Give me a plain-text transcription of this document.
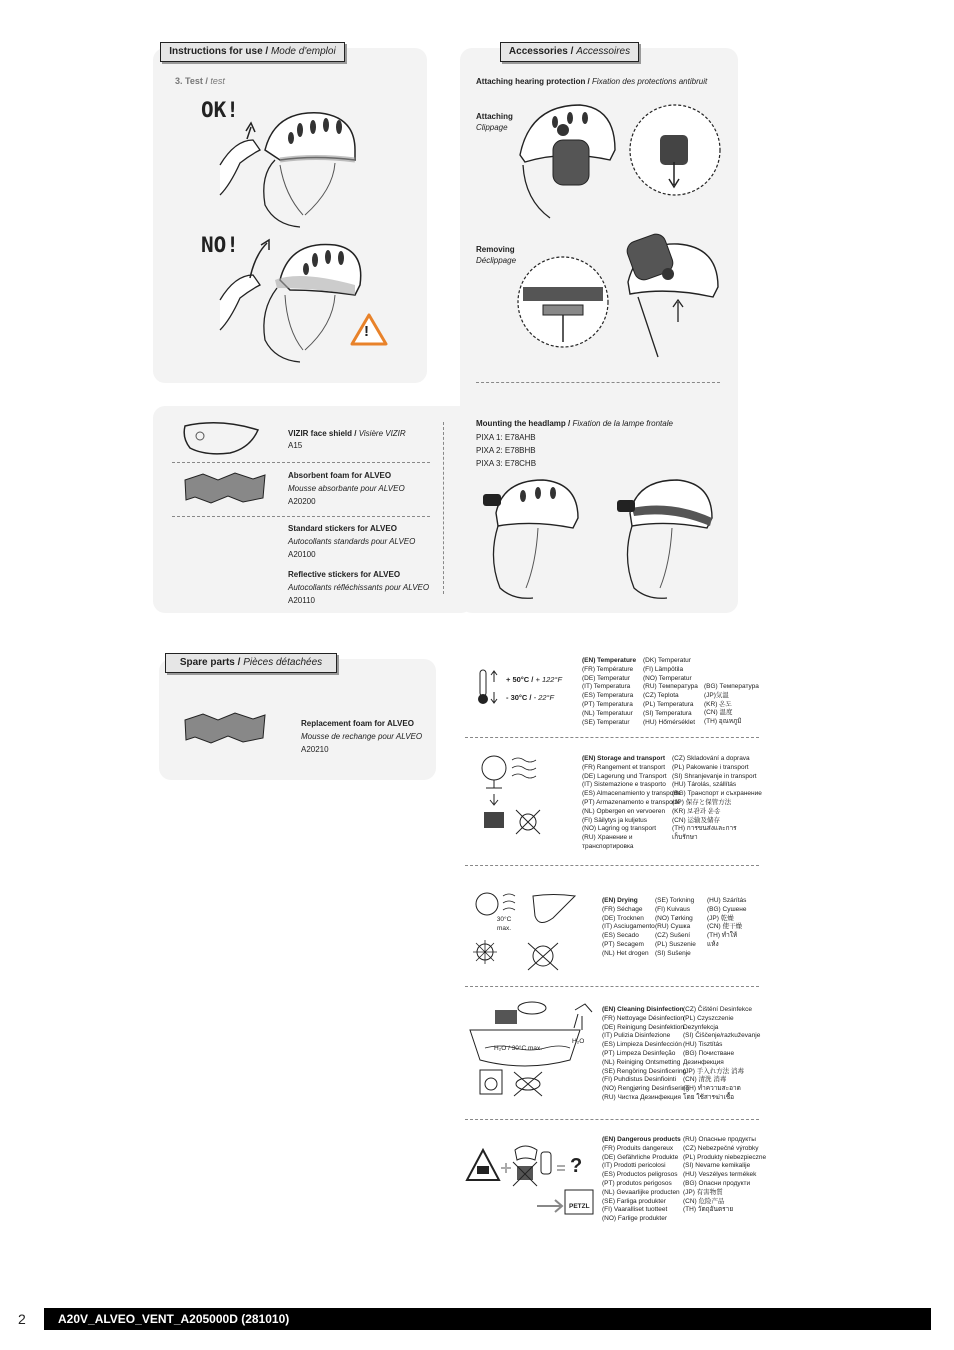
Instructions for use / Mode d'emploi
3. Test / test
OK!
NO!
!
Accessories / Accessoires
Attaching hearing protection / Fixation des protections antibruit
Attaching
Clippage
Removing
Déclippage
Mounting the headlamp / Fixation de la lampe frontale
PIXA 1: E78AHB
PIXA 2: E78BHB
PIXA 3: E78CHB
VIZIR face shield / Visière VIZIR
A15
Absorbent foam for ALVEO
Mousse absorbante pour ALVEO
A20200
Standard stickers for ALVEO
Autocollants standards pour ALVEO
A20100
Reflective stickers for ALVEO
Autocollants réfléchissants pour ALVEO
A20110
Spare parts / Pièces détachées
Replacement foam for ALVEO
Mousse de rechange pour ALVEO
A20210
+ 50°C / + 122°F
- 30°C / - 22°F
(EN) Temperature
(FR) Température
(DE) Temperatur
(IT) Temperatura
(ES) Temperatura
(PT) Temperatura
(NL) Temperatuur
(SE) Temperatur
(DK) Temperatur
(FI) Lämpötila
(NO) Temperatur
(RU) Температура
(CZ) Teplota
(PL) Temperatura
(SI) Temperatura
(HU) Hőmérséklet
(BG) Температура
(JP)気温
(KR) 온도
(CN) 温度
(TH) อุณหภูมิ
(EN) Storage and transport
(FR) Rangement et transport
(DE) Lagerung und Transport
(IT) Sistemazione e trasporto
(ES) Almacenamiento y transporte
(PT) Armazenamento e transporte
(NL) Opbergen en vervoeren
(FI) Säilytys ja kuljetus
(NO) Lagring og transport
(RU) Хранение и
транспортировка
(CZ) Skladování a doprava
(PL) Pakowanie i transport
(SI) Shranjevanje in transport
(HU) Tárolás, szállítás
(BG) Транспорт и съхранение
(JP) 保存と保管方法
(KR) 보관과 운송
(CN) 运输及储存
(TH) การขนส่งและการ
เก็บรักษา
30°C max.
(EN) Drying
(FR) Séchage
(DE) Trocknen
(IT) Asciugamento
(ES) Secado
(PT) Secagem
(NL) Het drogen
(SE) Torkning
(FI) Kuivaus
(NO) Tørking
(RU) Сушка
(CZ) Sušení
(PL) Suszenie
(SI) Sušenje
(HU) Szárítás
(BG) Сушене
(JP) 乾燥
(CN) 使干燥
(TH) ทำให้
แห้ง
H₂O / 30°C max.
H₂O
(EN) Cleaning Disinfection
(FR) Nettoyage Désinfection
(DE) Reinigung Desinfektion
(IT) Pulizia Disinfezione
(ES) Limpieza Desinfección
(PT) Limpeza Desinfeção
(NL) Reiniging Ontsmetting
(SE) Rengöring Desinficering
(FI) Puhdistus Desinfiointi
(NO) Rengjøring Desinfisering
(RU) Чистка Дезинфекция
(CZ) Čištění Desinfekce
(PL) Czyszczenie
Dezynfekcja
(SI) Čiščenje/razkuževanje
(HU) Tisztítás
(BG) Почистване
Дезинфекция
(JP) 手入れ方法 消毒
(CN) 清洗 消毒
(TH) ทำความสะอาด
โดย ใช้สารฆ่าเชื้อ
?
PETZL
(EN) Dangerous products
(FR) Produits dangereux
(DE) Gefährliche Produkte
(IT) Prodotti pericolosi
(ES) Productos peligrosos
(PT) produtos perigosos
(NL) Gevaarlijke producten
(SE) Farliga produkter
(FI) Vaaralliset tuotteet
(NO) Farlige produkter
(RU) Опасные продукты
(CZ) Nebezpečné výrobky
(PL) Produkty niebezpieczne
(SI) Nevarne kemikalije
(HU) Veszélyes termékek
(BG) Опасни продукти
(JP) 有害物質
(CN) 危险产品
(TH) วัตถุอันตราย
2	A20V_ALVEO_VENT_A205000D (281010)
